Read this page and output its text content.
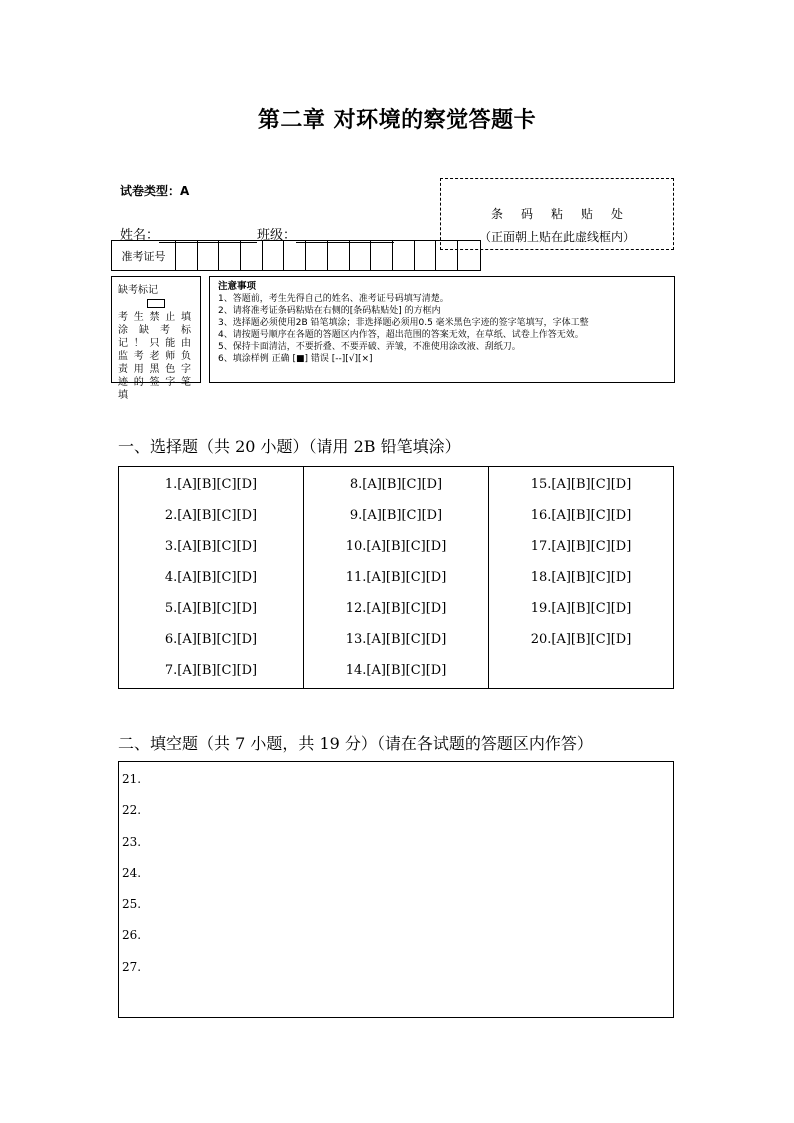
第二章 对环境的察觉答题卡
试卷类型：A
姓名：	班级：
条码粘贴处
（正面朝上贴在此虚线框内）
准考证号
缺考标记
考生禁止填涂缺考标记！只能由监考老师负责用黑色字迹的签字笔填
注意事项
1、答题前，考生先得自己的姓名、准考证号码填写清楚。
2、请将准考证条码粘贴在右侧的[条码粘贴处] 的方框内
3、选择题必须使用2B 铅笔填涂；非选择题必须用0.5 毫米黑色字迹的签字笔填写，字体工整
4、请按题号顺序在各题的答题区内作答，超出范围的答案无效，在草纸、试卷上作答无效。
5、保持卡面清洁，不要折叠、不要弄破、弄皱，不准使用涂改液、刮纸刀。
6、填涂样例 正确 [■] 错误 [--][√][×]
一、选择题（共 20 小题）（请用 2B 铅笔填涂）
1.[A][B][C][D]
2.[A][B][C][D]
3.[A][B][C][D]
4.[A][B][C][D]
5.[A][B][C][D]
6.[A][B][C][D]
7.[A][B][C][D]
8.[A][B][C][D]
9.[A][B][C][D]
10.[A][B][C][D]
11.[A][B][C][D]
12.[A][B][C][D]
13.[A][B][C][D]
14.[A][B][C][D]
15.[A][B][C][D]
16.[A][B][C][D]
17.[A][B][C][D]
18.[A][B][C][D]
19.[A][B][C][D]
20.[A][B][C][D]
二、填空题（共 7 小题，共 19 分）（请在各试题的答题区内作答）
21.
22.
23.
24.
25.
26.
27.
